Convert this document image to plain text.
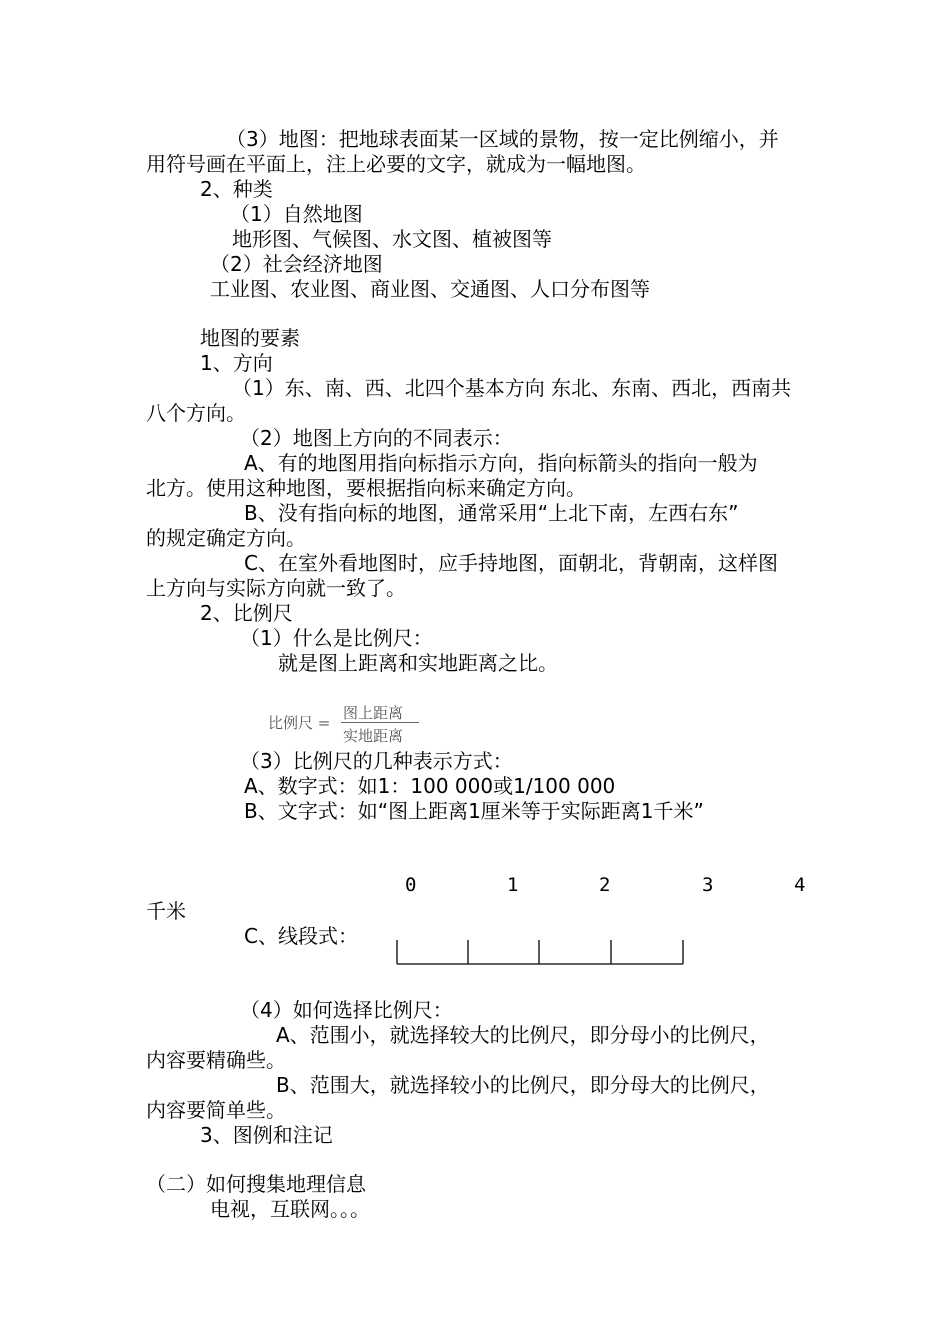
（3）地图：把地球表面某一区域的景物，按一定比例缩小，并
用符号画在平面上，注上必要的文字，就成为一幅地图。
2、种类
（1）自然地图
地形图、气候图、水文图、植被图等
（2）社会经济地图
工业图、农业图、商业图、交通图、人口分布图等
地图的要素
1、方向
（1）东、南、西、北四个基本方向 东北、东南、西北，西南共
八个方向。
（2）地图上方向的不同表示：
A、有的地图用指向标指示方向，指向标箭头的指向一般为
北方。使用这种地图，要根据指向标来确定方向。
B、没有指向标的地图，通常采用“上北下南，左西右东”
的规定确定方向。
C、在室外看地图时，应手持地图，面朝北，背朝南，这样图
上方向与实际方向就一致了。
2、比例尺
（1）什么是比例尺：
就是图上距离和实地距离之比。
比例尺 =
图上距离
实地距离
（3）比例尺的几种表示方式：
A、数字式：如1：100 000或1/100 000
B、文字式：如“图上距离1厘米等于实际距离1千米”
0	1	2	3	4
千米
C、线段式：
（4）如何选择比例尺：
A、范围小，就选择较大的比例尺，即分母小的比例尺，
内容要精确些。
B、范围大，就选择较小的比例尺，即分母大的比例尺，
内容要简单些。
3、图例和注记
（二）如何搜集地理信息
电视，互联网。。。
